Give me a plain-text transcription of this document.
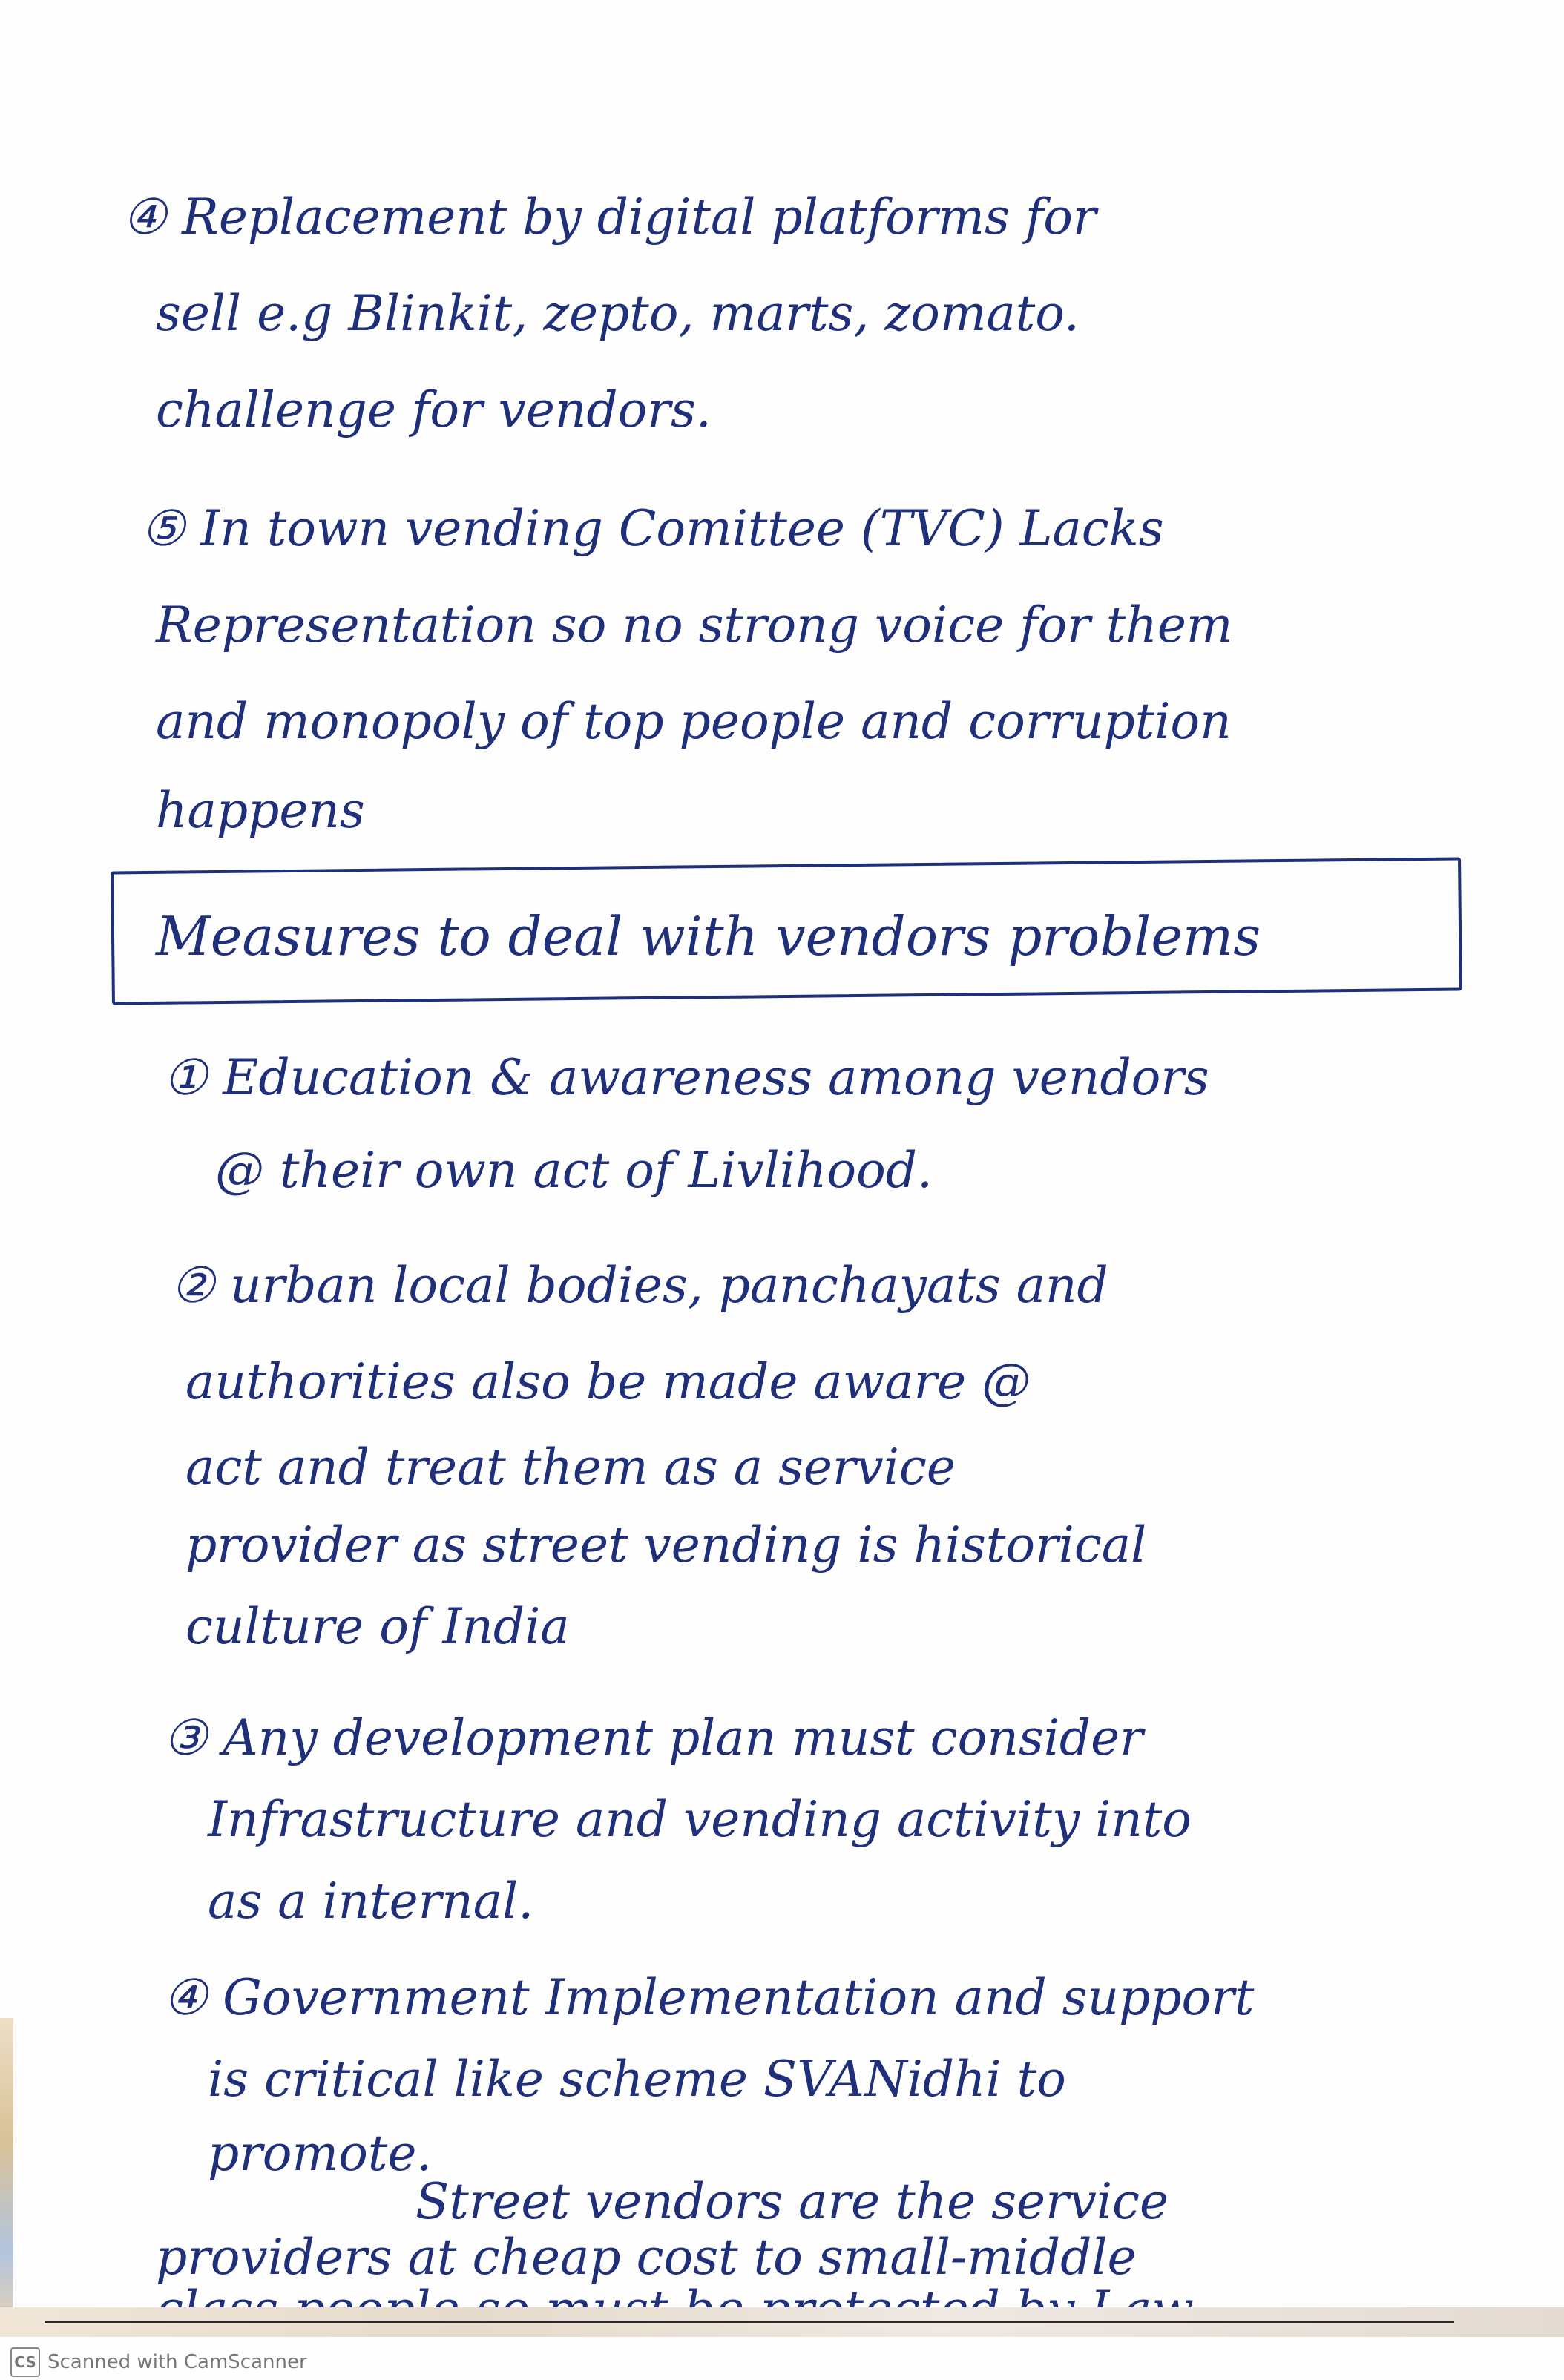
④ Replacement by digital platforms for
sell e.g Blinkit, zepto, marts, zomato.
challenge for vendors.
⑤ In town vending Comittee (TVC) Lacks
Representation so no strong voice for them
and monopoly of top people and corruption
happens
Measures to deal with vendors problems
① Education & awareness among vendors
@ their own act of Livlihood.
② urban local bodies, panchayats and
authorities also be made aware @
act and treat them as a service
provider as street vending is historical
culture of India
③ Any development plan must consider
Infrastructure and vending activity into
as a internal.
④ Government Implementation and support
is critical like scheme SVANidhi to
promote.
Street vendors are the service
providers at cheap cost to small-middle
CS Scanned with CamScanner
